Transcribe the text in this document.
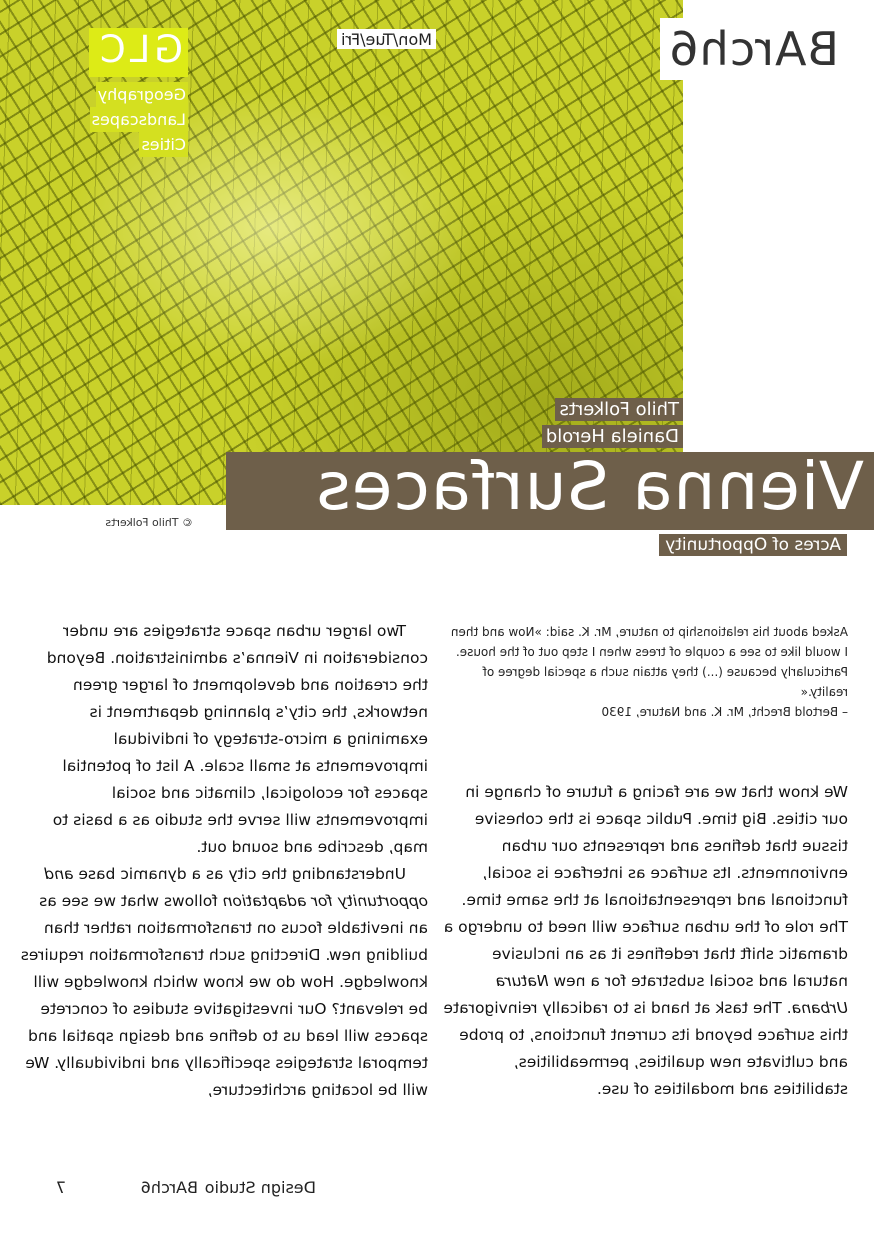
GLC
Geography
Landscapes
Cities
Mon/Tue/Fri	BArch6
Thilo Folkerts
Daniela Herold
Vienna Surfaces
Acres of Opportunity
© Thilo Folkerts
Asked about his relationship to nature, Mr. K. said: »Now and then I would like to see a couple of trees when I step out of the house. Particularly because (...) they attain such a special degree of reality.«
– Bertold Brecht, Mr. K. and Nature, 1930

We know that we are facing a future of change in our cities. Big time. Public space is the cohesive tissue that defines and represents our urban environments. Its surface as interface is social, functional and representational at the same time. The role of the urban surface will need to undergo a dramatic shift that redefines it as an inclusive natural and social substrate for a new Natura Urbana. The task at hand is to radically reinvigorate this surface beyond its current functions, to probe and cultivate new qualities, permeabilities, stabilities and modalities of use.

Two larger urban space strategies are under consideration in Vienna’s administration. Beyond the creation and development of larger green networks, the city’s planning department is examining a micro-strategy of individual improvements at small scale. A list of potential spaces for ecological, climatic and social improvements will serve the studio as a basis to map, describe and sound out.

Understanding the city as a dynamic base and opportunity for adaptation follows what we see as an inevitable focus on transformation rather than building new. Directing such transformation requires knowledge. How do we know which knowledge will be relevant? Our investigative studies of concrete spaces will lead us to define and design spatial and temporal strategies specifically and individually. We will be locating architecture,

Design Studio
BArch6
7
